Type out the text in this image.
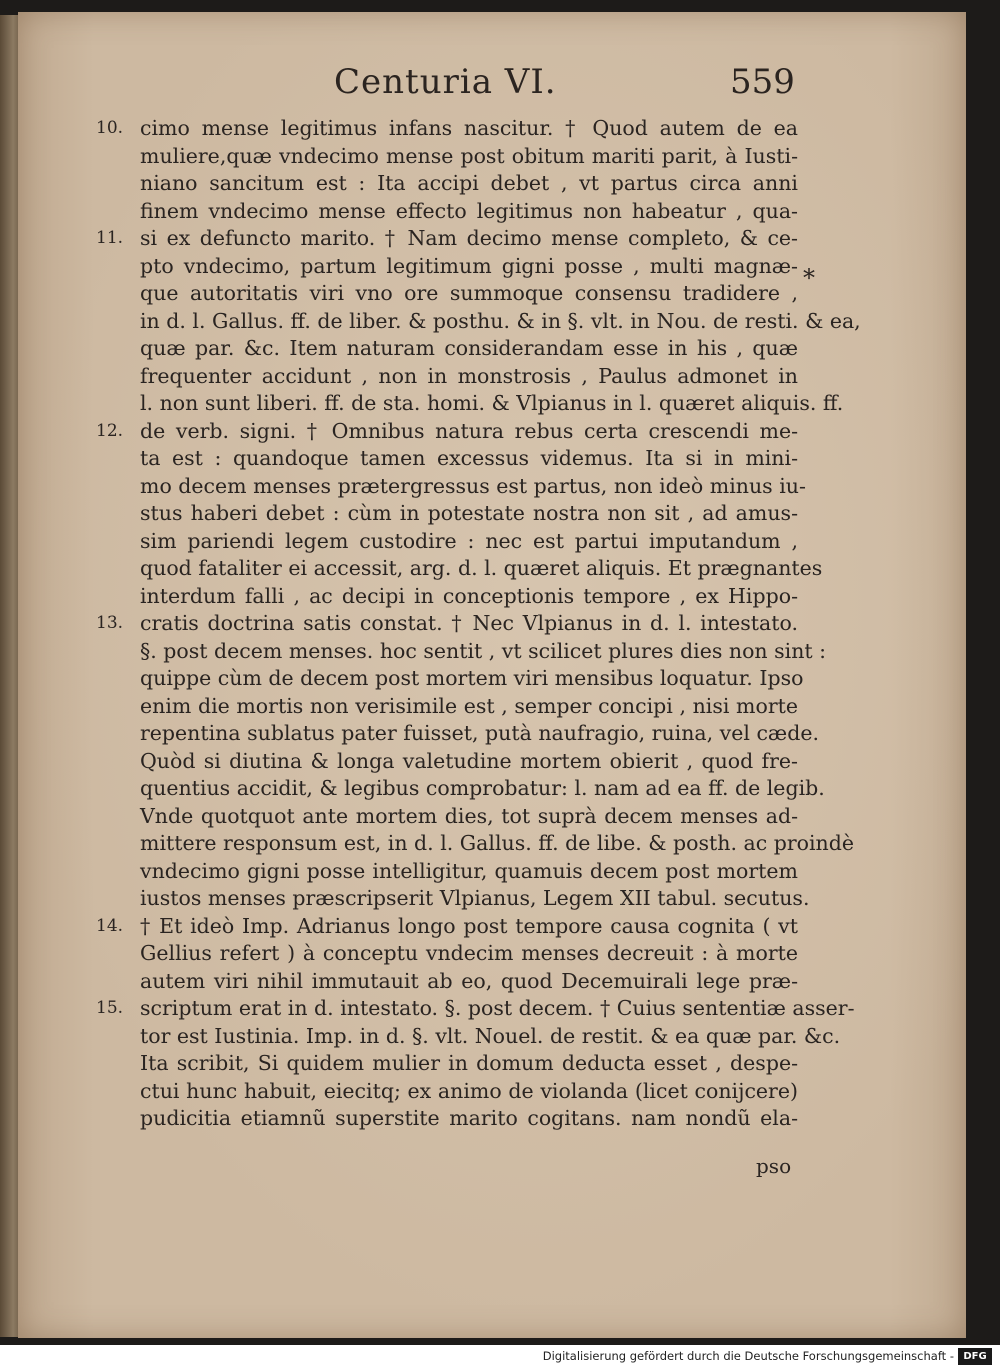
Centuria VI.	559
10. cimo mense legitimus infans nascitur. † Quod autem de ea
muliere,quæ vndecimo mense post obitum mariti parit, à Iusti-
niano sancitum est : Ita accipi debet , vt partus circa anni
finem vndecimo mense effecto legitimus non habeatur , qua-
11. si ex defuncto marito. † Nam decimo mense completo, & ce-
pto vndecimo, partum legitimum gigni posse , multi magnæ-
que autoritatis viri vno ore summoque consensu tradidere ,
in d. l. Gallus. ff. de liber. & posthu. & in §. vlt. in Nou. de resti. & ea,
quæ par. &c. Item naturam considerandam esse in his , quæ
frequenter accidunt , non in monstrosis , Paulus admonet in
l. non sunt liberi. ff. de sta. homi. & Vlpianus in l. quæret aliquis. ff.
12. de verb. signi. † Omnibus natura rebus certa crescendi me-
ta est : quandoque tamen excessus videmus. Ita si in mini-
mo decem menses prætergressus est partus, non ideò minus iu-
stus haberi debet : cùm in potestate nostra non sit , ad amus-
sim pariendi legem custodire : nec est partui imputandum ,
quod fataliter ei accessit, arg. d. l. quæret aliquis. Et prægnantes
interdum falli , ac decipi in conceptionis tempore , ex Hippo-
13. cratis doctrina satis constat. † Nec Vlpianus in d. l. intestato.
§. post decem menses. hoc sentit , vt scilicet plures dies non sint :
quippe cùm de decem post mortem viri mensibus loquatur. Ipso
enim die mortis non verisimile est , semper concipi , nisi morte
repentina sublatus pater fuisset, putà naufragio, ruina, vel cæde.
Quòd si diutina & longa valetudine mortem obierit , quod fre-
quentius accidit, & legibus comprobatur: l. nam ad ea ff. de legib.
Vnde quotquot ante mortem dies, tot suprà decem menses ad-
mittere responsum est, in d. l. Gallus. ff. de libe. & posth. ac proindè
vndecimo gigni posse intelligitur, quamuis decem post mortem
iustos menses præscripserit Vlpianus, Legem XII tabul. secutus.
14. † Et ideò Imp. Adrianus longo post tempore causa cognita ( vt
Gellius refert ) à conceptu vndecim menses decreuit : à morte
autem viri nihil immutauit ab eo, quod Decemuirali lege præ-
15. scriptum erat in d. intestato. §. post decem. † Cuius sententiæ asser-
tor est Iustinia. Imp. in d. §. vlt. Nouel. de restit. & ea quæ par. &c.
Ita scribit, Si quidem mulier in domum deducta esset , despe-
ctui hunc habuit, eiecitq; ex animo de violanda (licet conijcere)
pudicitia etiamnũ superstite marito cogitans. nam nondũ ela-
*
pso
Digitalisierung gefördert durch die Deutsche Forschungsgemeinschaft - DFG
